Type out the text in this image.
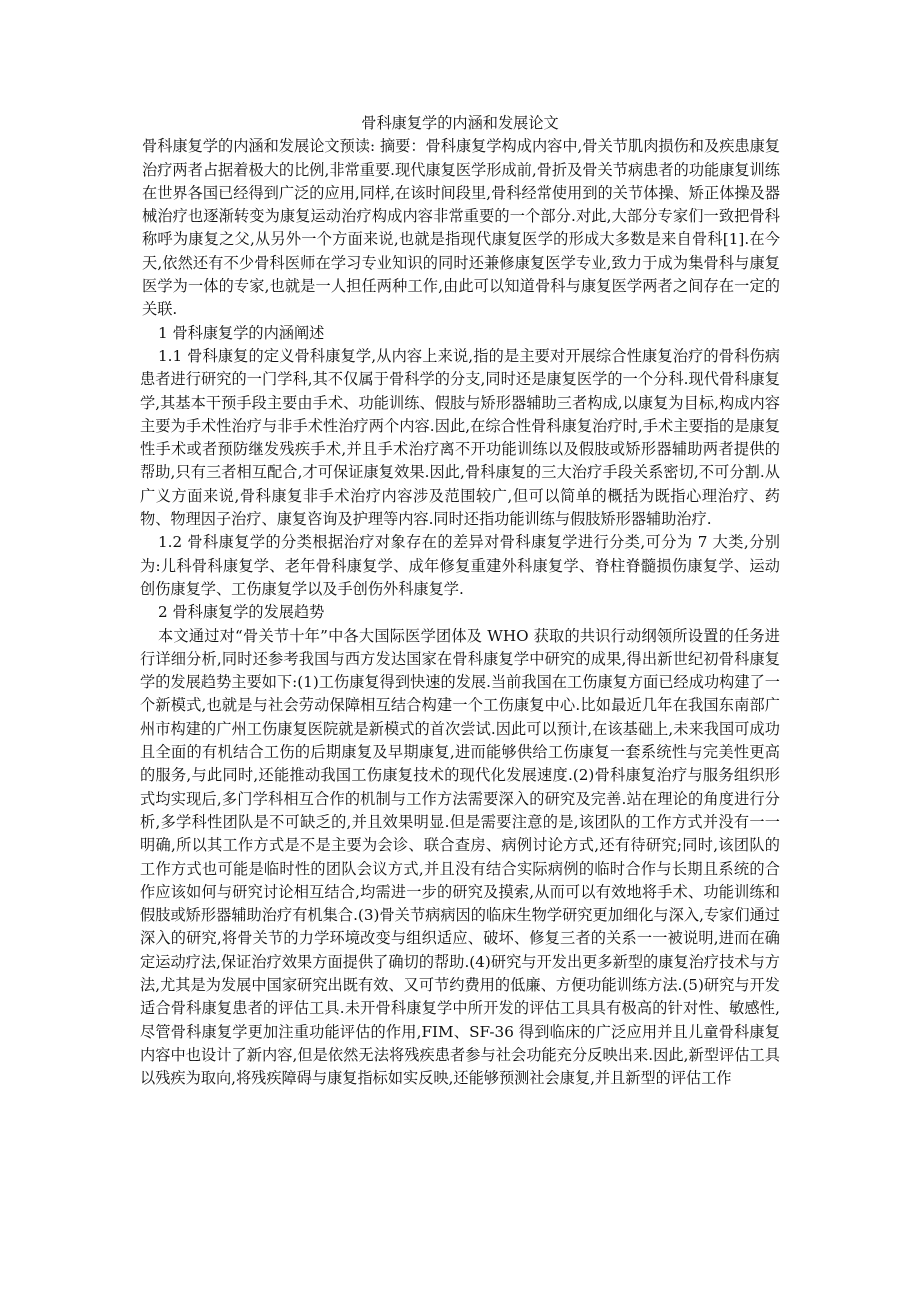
骨科康复学的内涵和发展论文

骨科康复学的内涵和发展论文预读: 摘要：骨科康复学构成内容中,骨关节肌肉损伤和及疾患康复治疗两者占据着极大的比例,非常重要.现代康复医学形成前,骨折及骨关节病患者的功能康复训练在世界各国已经得到广泛的应用,同样,在该时间段里,骨科经常使用到的关节体操、矫正体操及器械治疗也逐渐转变为康复运动治疗构成内容非常重要的一个部分.对此,大部分专家们一致把骨科称呼为康复之父,从另外一个方面来说,也就是指现代康复医学的形成大多数是来自骨科[1].在今天,依然还有不少骨科医师在学习专业知识的同时还兼修康复医学专业,致力于成为集骨科与康复医学为一体的专家,也就是一人担任两种工作,由此可以知道骨科与康复医学两者之间存在一定的关联.

1 骨科康复学的内涵阐述

1.1 骨科康复的定义骨科康复学,从内容上来说,指的是主要对开展综合性康复治疗的骨科伤病患者进行研究的一门学科,其不仅属于骨科学的分支,同时还是康复医学的一个分科.现代骨科康复学,其基本干预手段主要由手术、功能训练、假肢与矫形器辅助三者构成,以康复为目标,构成内容主要为手术性治疗与非手术性治疗两个内容.因此,在综合性骨科康复治疗时,手术主要指的是康复性手术或者预防继发残疾手术,并且手术治疗离不开功能训练以及假肢或矫形器辅助两者提供的帮助,只有三者相互配合,才可保证康复效果.因此,骨科康复的三大治疗手段关系密切,不可分割.从广义方面来说,骨科康复非手术治疗内容涉及范围较广,但可以简单的概括为既指心理治疗、药物、物理因子治疗、康复咨询及护理等内容.同时还指功能训练与假肢矫形器辅助治疗.

1.2 骨科康复学的分类根据治疗对象存在的差异对骨科康复学进行分类,可分为 7 大类,分别为:儿科骨科康复学、老年骨科康复学、成年修复重建外科康复学、脊柱脊髓损伤康复学、运动创伤康复学、工伤康复学以及手创伤外科康复学.

2 骨科康复学的发展趋势

本文通过对“骨关节十年”中各大国际医学团体及 WHO 获取的共识行动纲领所设置的任务进行详细分析,同时还参考我国与西方发达国家在骨科康复学中研究的成果,得出新世纪初骨科康复学的发展趋势主要如下:(1)工伤康复得到快速的发展.当前我国在工伤康复方面已经成功构建了一个新模式,也就是与社会劳动保障相互结合构建一个工伤康复中心.比如最近几年在我国东南部广州市构建的广州工伤康复医院就是新模式的首次尝试.因此可以预计,在该基础上,未来我国可成功且全面的有机结合工伤的后期康复及早期康复,进而能够供给工伤康复一套系统性与完美性更高的服务,与此同时,还能推动我国工伤康复技术的现代化发展速度.(2)骨科康复治疗与服务组织形式均实现后,多门学科相互合作的机制与工作方法需要深入的研究及完善.站在理论的角度进行分析,多学科性团队是不可缺乏的,并且效果明显.但是需要注意的是,该团队的工作方式并没有一一明确,所以其工作方式是不是主要为会诊、联合查房、病例讨论方式,还有待研究;同时,该团队的工作方式也可能是临时性的团队会议方式,并且没有结合实际病例的临时合作与长期且系统的合作应该如何与研究讨论相互结合,均需进一步的研究及摸索,从而可以有效地将手术、功能训练和假肢或矫形器辅助治疗有机集合.(3)骨关节病病因的临床生物学研究更加细化与深入,专家们通过深入的研究,将骨关节的力学环境改变与组织适应、破坏、修复三者的关系一一被说明,进而在确定运动疗法,保证治疗效果方面提供了确切的帮助.(4)研究与开发出更多新型的康复治疗技术与方法,尤其是为发展中国家研究出既有效、又可节约费用的低廉、方便功能训练方法.(5)研究与开发适合骨科康复患者的评估工具.未开骨科康复学中所开发的评估工具具有极高的针对性、敏感性,尽管骨科康复学更加注重功能评估的作用,FIM、SF-36 得到临床的广泛应用并且儿童骨科康复内容中也设计了新内容,但是依然无法将残疾患者参与社会功能充分反映出来.因此,新型评估工具以残疾为取向,将残疾障碍与康复指标如实反映,还能够预测社会康复,并且新型的评估工作
